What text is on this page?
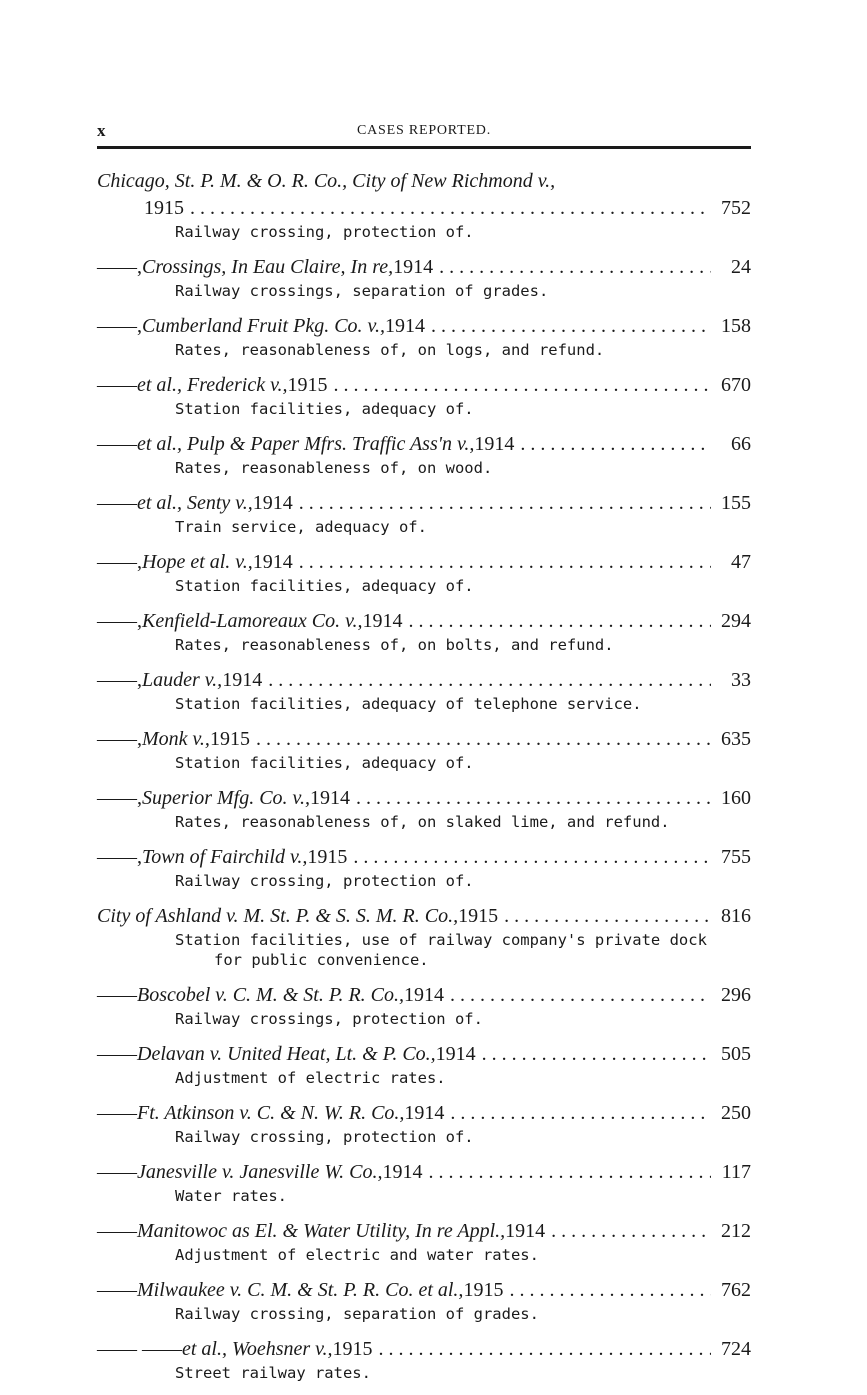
x	CASES REPORTED.
Chicago, St. P. M. & O. R. Co., City of New Richmond v.,
1915 . . .	752
Railway crossing, protection of.
——, Crossings, In Eau Claire, In re, 1914 . . .	24
Railway crossings, separation of grades.
——, Cumberland Fruit Pkg. Co. v., 1914 . . .	158
Rates, reasonableness of, on logs, and refund.
—— et al., Frederick v., 1915 . . .	670
Station facilities, adequacy of.
—— et al., Pulp & Paper Mfrs. Traffic Ass'n v., 1914 . . .	66
Rates, reasonableness of, on wood.
—— et al., Senty v., 1914 . . .	155
Train service, adequacy of.
——, Hope et al. v., 1914 . . .	47
Station facilities, adequacy of.
——, Kenfield-Lamoreaux Co. v., 1914 . . .	294
Rates, reasonableness of, on bolts, and refund.
——, Lauder v., 1914 . . .	33
Station facilities, adequacy of telephone service.
——, Monk v., 1915 . . .	635
Station facilities, adequacy of.
——, Superior Mfg. Co. v., 1914 . . .	160
Rates, reasonableness of, on slaked lime, and refund.
——, Town of Fairchild v., 1915 . . .	755
Railway crossing, protection of.
City of Ashland v. M. St. P. & S. S. M. R. Co., 1915 . . .	816
Station facilities, use of railway company's private dock
for public convenience.
—— Boscobel v. C. M. & St. P. R. Co., 1914 . . .	296
Railway crossings, protection of.
—— Delavan v. United Heat, Lt. & P. Co., 1914 . . .	505
Adjustment of electric rates.
—— Ft. Atkinson v. C. & N. W. R. Co., 1914 . . .	250
Railway crossing, protection of.
—— Janesville v. Janesville W. Co., 1914 . . .	117
Water rates.
—— Manitowoc as El. & Water Utility, In re Appl., 1914 . . .	212
Adjustment of electric and water rates.
—— Milwaukee v. C. M. & St. P. R. Co. et al., 1915 . . .	762
Railway crossing, separation of grades.
—— —— et al., Woehsner v., 1915 . . .	724
Street railway rates.
